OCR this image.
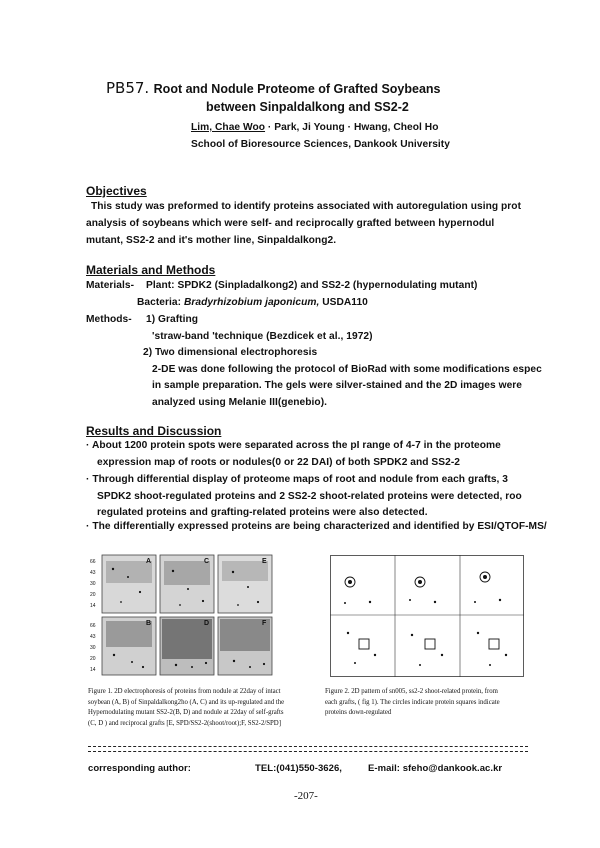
PB57. Root and Nodule Proteome of Grafted Soybeans
between Sinpaldalkong and SS2-2
Lim, Chae Woo · Park, Ji Young · Hwang, Cheol Ho
School of Bioresource Sciences, Dankook University
Objectives
This study was preformed to identify proteins associated with autoregulation using prot
analysis of soybeans which were self- and reciprocally grafted between hypernodul
mutant, SS2-2 and it's mother line, Sinpaldalkong2.
Materials and Methods
Materials- Plant: SPDK2 (Sinpladalkong2) and SS2-2 (hypernodulating mutant)
Bacteria: Bradyrhizobium japonicum, USDA110
Methods- 1) Grafting
'straw-band 'technique (Bezdicek et al., 1972)
2) Two dimensional electrophoresis
2-DE was done following the protocol of BioRad with some modifications espec
in sample preparation. The gels were silver-stained and the 2D images were
analyzed using Melanie III(genebio).
Results and Discussion
· About 1200 protein spots were separated across the pI range of 4-7 in the proteome
expression map of roots or nodules(0 or 22 DAI) of both SPDK2 and SS2-2
· Through differential display of proteome maps of root and nodule from each grafts, 3
SPDK2 shoot-regulated proteins and 2 SS2-2 shoot-related proteins were detected, roo
regulated proteins and grafting-related proteins were also detected.
· The differentially expressed proteins are being characterized and identified by ESI/QTOF-MS/
66
43
30
20
14
66
43
30
20
14
A	C	E
B	D	F
Figure 1. 2D electrophoresis of proteins from nodule at 22day of intact
soybean (A, B) of Sinpaldalkong2ho (A, C) and its up-regulated and the
Hypernodulating mutant SS2-2(B, D) and nodule at 22day of self-grafts
(C, D ) and reciprocal grafts [E, SPD/SS2-2(shoot/root);F, SS2-2/SPD]
Figure 2. 2D pattern of sn005, ss2-2 shoot-related protein, from
each grafts, ( fig 1). The circles indicate protein squares indicate
proteins down-regulated
corresponding author:	TEL:(041)550-3626,	E-mail: sfeho@dankook.ac.kr
-207-
